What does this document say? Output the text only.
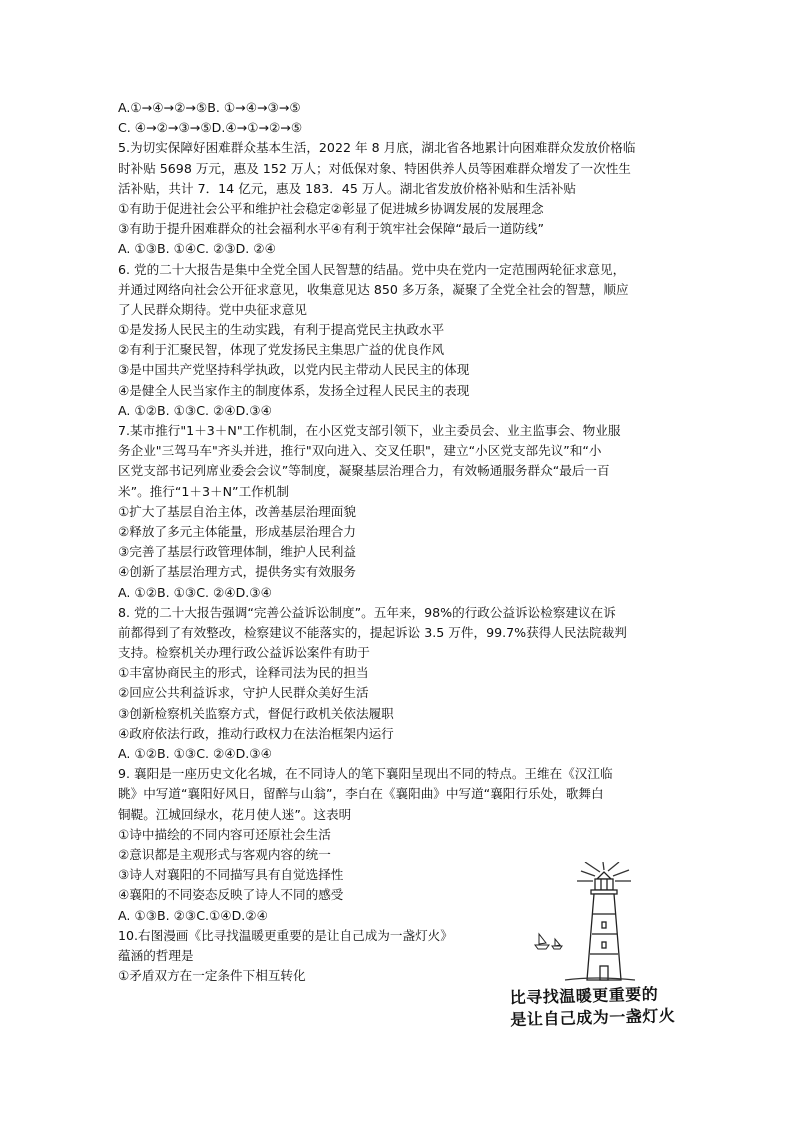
A.①→④→②→⑤B. ①→④→③→⑤
C. ④→②→③→⑤D.④→①→②→⑤
5.为切实保障好困难群众基本生活，2022 年 8 月底，湖北省各地累计向困难群众发放价格临
时补贴 5698 万元，惠及 152 万人；对低保对象、特困供养人员等困难群众增发了一次性生
活补贴，共计 7．14 亿元，惠及 183．45 万人。湖北省发放价格补贴和生活补贴
①有助于促进社会公平和维护社会稳定②彰显了促进城乡协调发展的发展理念
③有助于提升困难群众的社会福利水平④有利于筑牢社会保障“最后一道防线”
A. ①③B. ①④C. ②③D. ②④
6. 党的二十大报告是集中全党全国人民智慧的结晶。党中央在党内一定范围两轮征求意见，
并通过网络向社会公开征求意见，收集意见达 850 多万条，凝聚了全党全社会的智慧，顺应
了人民群众期待。党中央征求意见
①是发扬人民民主的生动实践，有利于提高党民主执政水平
②有利于汇聚民智，体现了党发扬民主集思广益的优良作风
③是中国共产党坚持科学执政，以党内民主带动人民民主的体现
④是健全人民当家作主的制度体系，发扬全过程人民民主的表现
A. ①②B. ①③C. ②④D.③④
7.某市推行"1＋3＋N"工作机制，在小区党支部引领下，业主委员会、业主监事会、物业服
务企业"三驾马车"齐头并进，推行"双向进入、交叉任职"，建立“小区党支部先议”和“小
区党支部书记列席业委会会议”等制度，凝聚基层治理合力，有效畅通服务群众“最后一百
米”。推行“1＋3＋N”工作机制
①扩大了基层自治主体，改善基层治理面貌
②释放了多元主体能量，形成基层治理合力
③完善了基层行政管理体制，维护人民利益
④创新了基层治理方式，提供务实有效服务
A. ①②B. ①③C. ②④D.③④
8. 党的二十大报告强调“完善公益诉讼制度”。五年来，98%的行政公益诉讼检察建议在诉
前都得到了有效整改，检察建议不能落实的，提起诉讼 3.5 万件，99.7%获得人民法院裁判
支持。检察机关办理行政公益诉讼案件有助于
①丰富协商民主的形式，诠释司法为民的担当
②回应公共利益诉求，守护人民群众美好生活
③创新检察机关监察方式，督促行政机关依法履职
④政府依法行政，推动行政权力在法治框架内运行
A. ①②B. ①③C. ②④D.③④
9. 襄阳是一座历史文化名城，在不同诗人的笔下襄阳呈现出不同的特点。王维在《汉江临
眺》中写道“襄阳好风日，留醉与山翁”，李白在《襄阳曲》中写道“襄阳行乐处，歌舞白
铜鞮。江城回绿水，花月使人迷”。这表明
①诗中描绘的不同内容可还原社会生活
②意识都是主观形式与客观内容的统一
③诗人对襄阳的不同描写具有自觉选择性
④襄阳的不同姿态反映了诗人不同的感受
A. ①③B. ②③C.①④D.②④
10.右图漫画《比寻找温暖更重要的是让自己成为一盏灯火》
蕴涵的哲理是
①矛盾双方在一定条件下相互转化
比寻找温暖更重要的
是让自己成为一盏灯火
